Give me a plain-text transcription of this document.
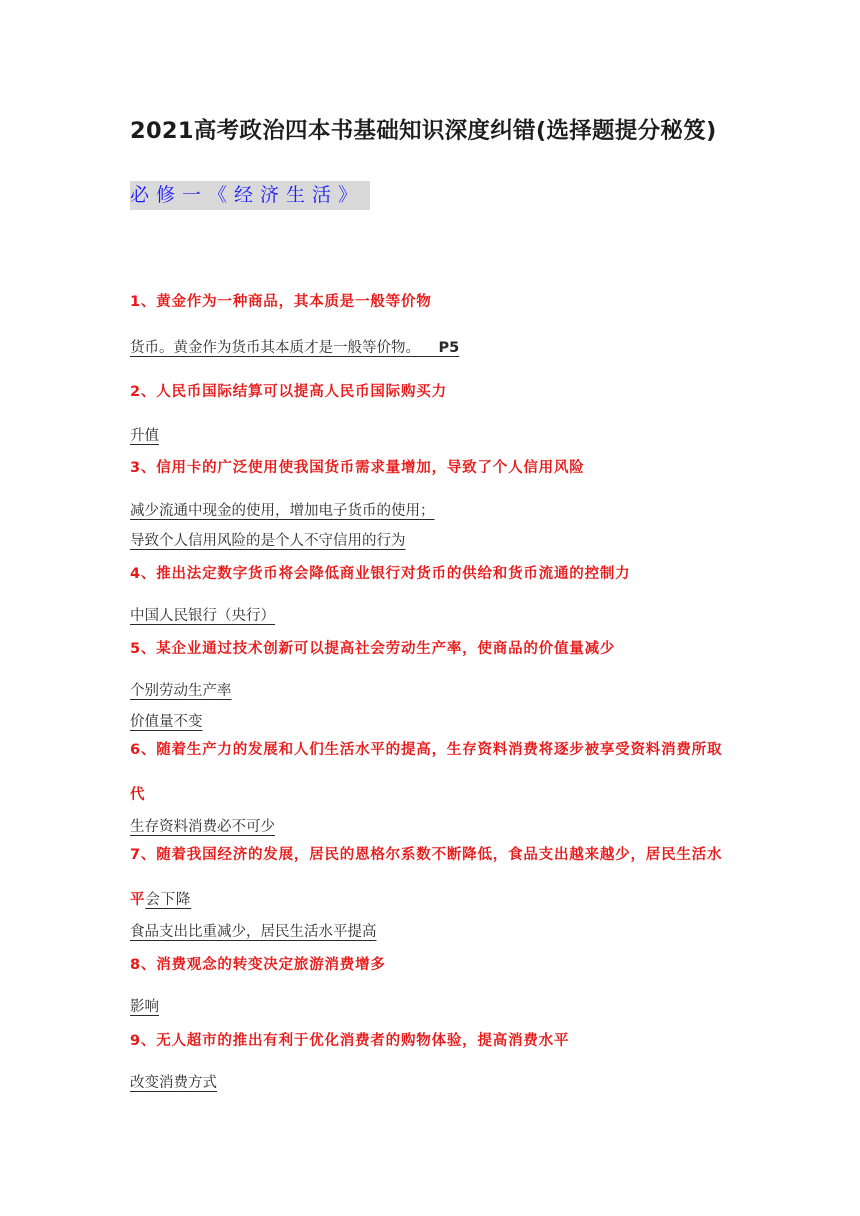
2021高考政治四本书基础知识深度纠错(选择题提分秘笈)
必修一《经济生活》
1、黄金作为一种商品，其本质是一般等价物
货币。黄金作为货币其本质才是一般等价物。 P5
2、人民币国际结算可以提高人民币国际购买力
升值
3、信用卡的广泛使用使我国货币需求量增加，导致了个人信用风险
减少流通中现金的使用，增加电子货币的使用；
导致个人信用风险的是个人不守信用的行为
4、推出法定数字货币将会降低商业银行对货币的供给和货币流通的控制力
中国人民银行（央行）
5、某企业通过技术创新可以提高社会劳动生产率，使商品的价值量减少
个别劳动生产率
价值量不变
6、随着生产力的发展和人们生活水平的提高，生存资料消费将逐步被享受资料消费所取代
生存资料消费必不可少
7、随着我国经济的发展，居民的恩格尔系数不断降低，食品支出越来越少，居民生活水平会下降
食品支出比重减少，居民生活水平提高
8、消费观念的转变决定旅游消费增多
影响
9、无人超市的推出有利于优化消费者的购物体验，提高消费水平
改变消费方式
